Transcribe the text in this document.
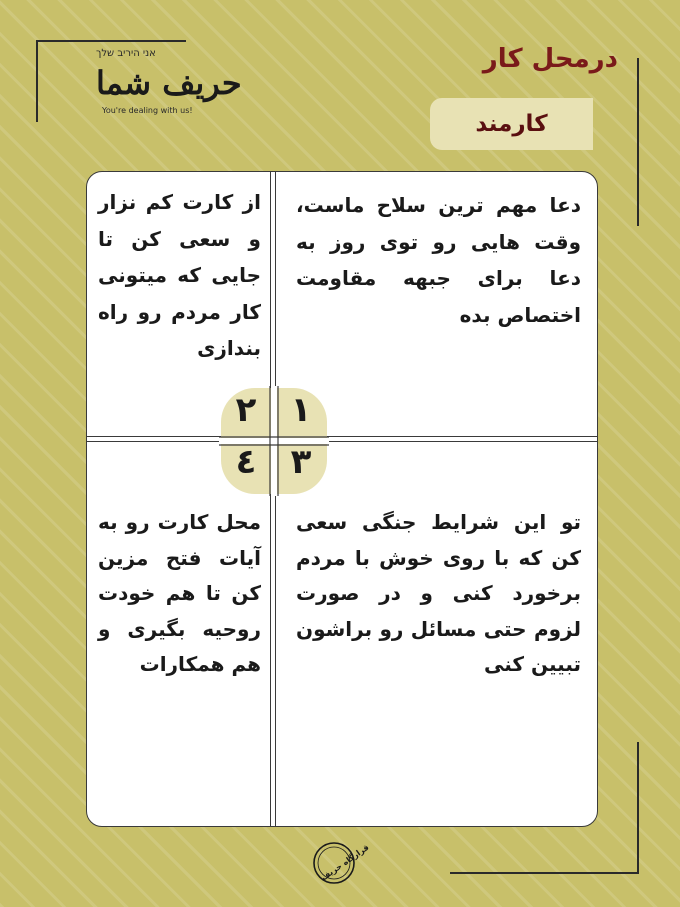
אני היריב שלך
حریف شما
You're dealing with us!
درمحل کار
کارمند
دعا مهم ترین سلاح ماست، وقت هایی رو توی روز به دعا برای جبهه مقاومت اختصاص بده
از کارت کم نزار و سعی کن تا جایی که میتونی کار مردم رو راه بندازی
تو این شرایط جنگی سعی کن که با روی خوش با مردم برخورد کنی و در صورت لزوم حتی مسائل رو براشون تبیین کنی
محل کارت رو به آیات فتح مزین کن تا هم خودت روحیه بگیری و هم همکارات
١
٢
٣
٤
قرارگاه حریف
